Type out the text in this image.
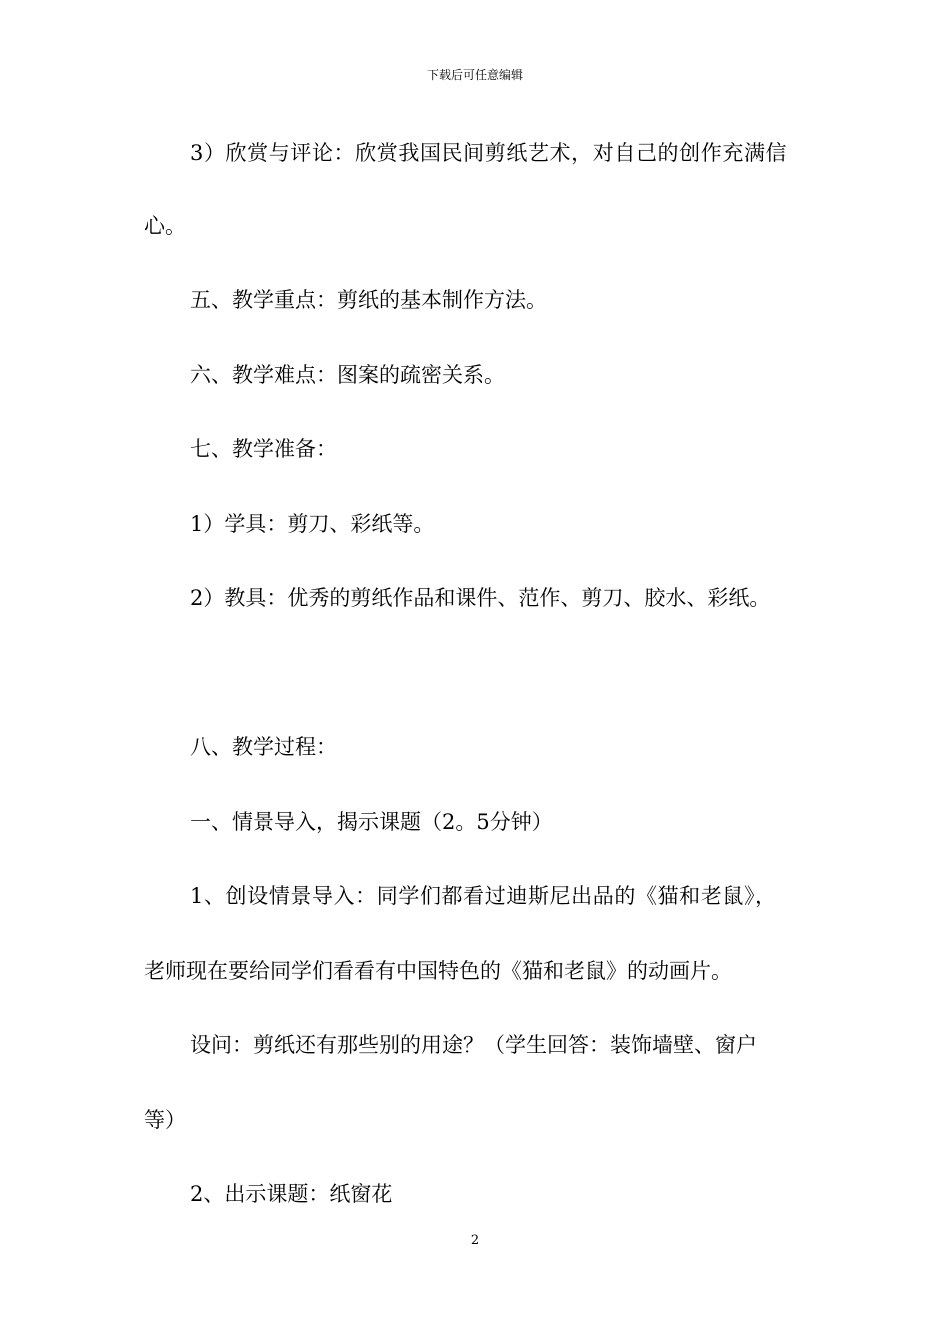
下载后可任意编辑
3）欣赏与评论：欣赏我国民间剪纸艺术，对自己的创作充满信
心。
五、教学重点：剪纸的基本制作方法。
六、教学难点：图案的疏密关系。
七、教学准备：
1）学具：剪刀、彩纸等。
2）教具：优秀的剪纸作品和课件、范作、剪刀、胶水、彩纸。
八、教学过程：
一、情景导入，揭示课题（2。5分钟）
1、创设情景导入：同学们都看过迪斯尼出品的《猫和老鼠》，
老师现在要给同学们看看有中国特色的《猫和老鼠》的动画片。
设问：剪纸还有那些别的用途？（学生回答：装饰墙壁、窗户
等）
2、出示课题：纸窗花
2
